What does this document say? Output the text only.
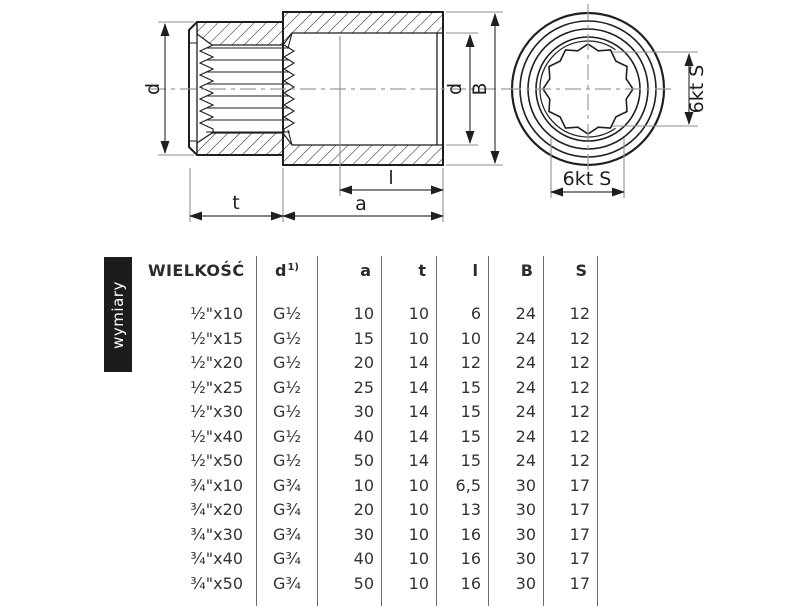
d
t	a
l
d B	6kt S
6kt S
wymiary
WIELKOŚĆ	$d^{1)}$	a	t	l	B	S
½"x10	G½	10	10	6	24	12
½"x15	G½	15	10	10	24	12
½"x20	G½	20	14	12	24	12
½"x25	G½	25	14	15	24	12
½"x30	G½	30	14	15	24	12
½"x40	G½	40	14	15	24	12
½"x50	G½	50	14	15	24	12
¾"x10	G¾	10	10	6,5	30	17
¾"x20	G¾	20	10	13	30	17
¾"x30	G¾	30	10	16	30	17
¾"x40	G¾	40	10	16	30	17
¾"x50	G¾	50	10	16	30	17
